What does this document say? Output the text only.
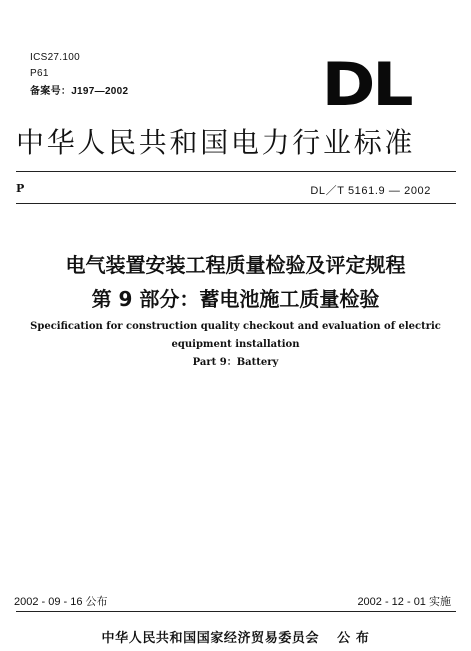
ICS27.100
P61
备案号：J197—2002	DL
中华人民共和国电力行业标准
P	DL／T 5161.9 — 2002
电气装置安装工程质量检验及评定规程
第 9 部分：蓄电池施工质量检验
Specification for construction quality checkout and evaluation of electric
equipment installation
Part 9：Battery
2002 - 09 - 16 公布	2002 - 12 - 01 实施
中华人民共和国国家经济贸易委员会 公 布
